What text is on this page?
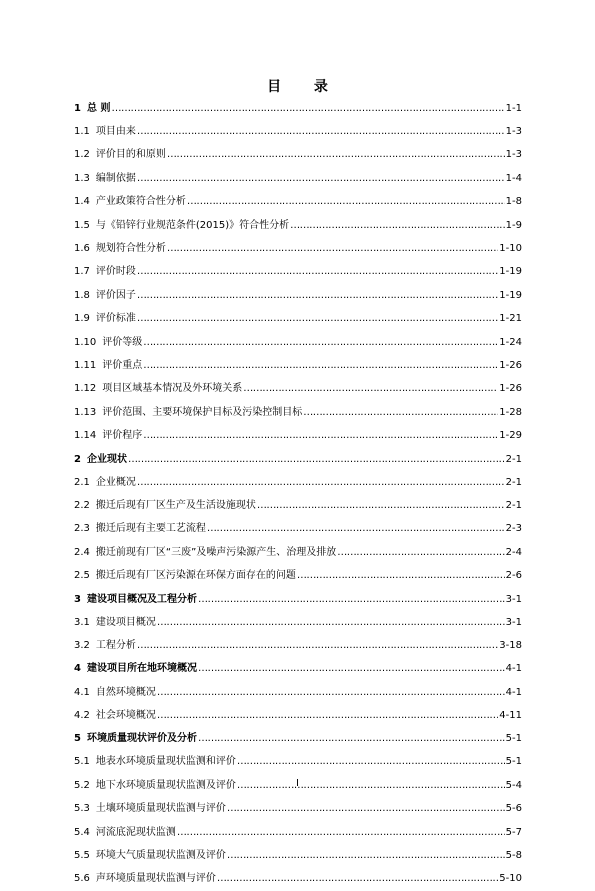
目 录
1 总 则 ……………………………………………………………………………………………………………………………………………………………………………………………………	1-1
1.1 项目由来 ……………………………………………………………………………………………………………………………………………………………………………………………………	1-3
1.2 评价目的和原则 ……………………………………………………………………………………………………………………………………………………………………………………………………	1-3
1.3 编制依据 ……………………………………………………………………………………………………………………………………………………………………………………………………	1-4
1.4 产业政策符合性分析 ……………………………………………………………………………………………………………………………………………………………………………………………………	1-8
1.5 与《铅锌行业规范条件(2015)》符合性分析 ……………………………………………………………………………………………………………………………………………………………………………………………………	1-9
1.6 规划符合性分析 ……………………………………………………………………………………………………………………………………………………………………………………………………	1-10
1.7 评价时段 ……………………………………………………………………………………………………………………………………………………………………………………………………	1-19
1.8 评价因子 ……………………………………………………………………………………………………………………………………………………………………………………………………	1-19
1.9 评价标准 ……………………………………………………………………………………………………………………………………………………………………………………………………	1-21
1.10 评价等级 ……………………………………………………………………………………………………………………………………………………………………………………………………	1-24
1.11 评价重点 ……………………………………………………………………………………………………………………………………………………………………………………………………	1-26
1.12 项目区域基本情况及外环境关系 ……………………………………………………………………………………………………………………………………………………………………………………………………	1-26
1.13 评价范围、主要环境保护目标及污染控制目标 ……………………………………………………………………………………………………………………………………………………………………………………………………	1-28
1.14 评价程序 ……………………………………………………………………………………………………………………………………………………………………………………………………	1-29
2 企业现状 ……………………………………………………………………………………………………………………………………………………………………………………………………	2-1
2.1 企业概况 ……………………………………………………………………………………………………………………………………………………………………………………………………	2-1
2.2 搬迁后现有厂区生产及生活设施现状 ……………………………………………………………………………………………………………………………………………………………………………………………………	2-1
2.3 搬迁后现有主要工艺流程 ……………………………………………………………………………………………………………………………………………………………………………………………………	2-3
2.4 搬迁前现有厂区“三废”及噪声污染源产生、治理及排放 ……………………………………………………………………………………………………………………………………………………………………………………………………	2-4
2.5 搬迁后现有厂区污染源在环保方面存在的问题 ……………………………………………………………………………………………………………………………………………………………………………………………………	2-6
3 建设项目概况及工程分析 ……………………………………………………………………………………………………………………………………………………………………………………………………	3-1
3.1 建设项目概况 ……………………………………………………………………………………………………………………………………………………………………………………………………	3-1
3.2 工程分析 ……………………………………………………………………………………………………………………………………………………………………………………………………	3-18
4 建设项目所在地环境概况 ……………………………………………………………………………………………………………………………………………………………………………………………………	4-1
4.1 自然环境概况 ……………………………………………………………………………………………………………………………………………………………………………………………………	4-1
4.2 社会环境概况 ……………………………………………………………………………………………………………………………………………………………………………………………………	4-11
5 环境质量现状评价及分析 ……………………………………………………………………………………………………………………………………………………………………………………………………	5-1
5.1 地表水环境质量现状监测和评价 ……………………………………………………………………………………………………………………………………………………………………………………………………	5-1
5.2 地下水环境质量现状监测及评价 ……………………………………………………………………………………………………………………………………………………………………………………………………	5-4
5.3 土壤环境质量现状监测与评价 ……………………………………………………………………………………………………………………………………………………………………………………………………	5-6
5.4 河流底泥现状监测 ……………………………………………………………………………………………………………………………………………………………………………………………………	5-7
5.5 环境大气质量现状监测及评价 ……………………………………………………………………………………………………………………………………………………………………………………………………	5-8
5.6 声环境质量现状监测与评价 ……………………………………………………………………………………………………………………………………………………………………………………………………	5-10
I
